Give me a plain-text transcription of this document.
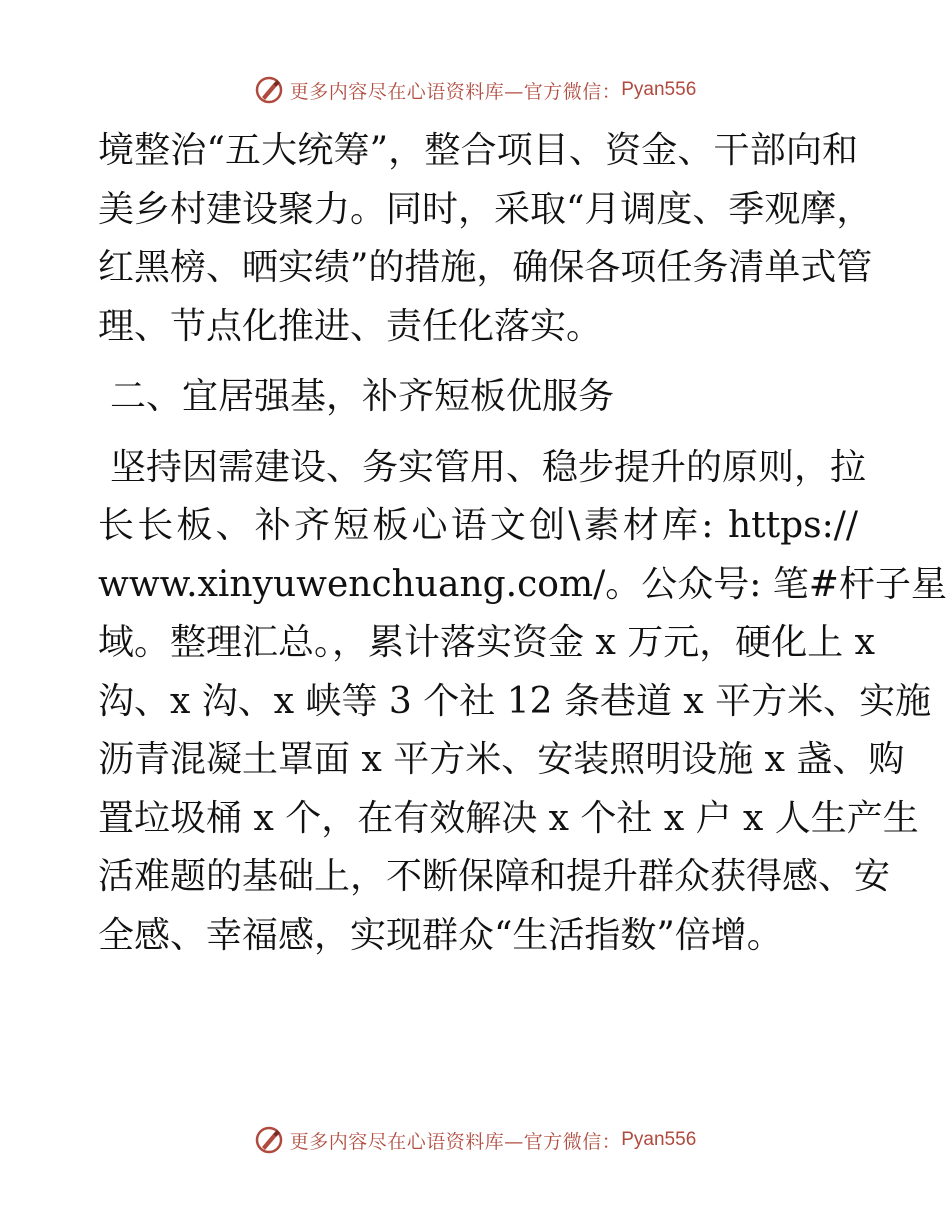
更多内容尽在心语资料库—官方微信： Pyan556
境整治“五大统筹”，整合项目、资金、干部向和
美乡村建设聚力。同时，采取“月调度、季观摩，
红黑榜、晒实绩”的措施，确保各项任务清单式管
理、节点化推进、责任化落实。
二、宜居强基，补齐短板优服务
坚持因需建设、务实管用、稳步提升的原则，拉
长长板、补齐短板心语文创\素材库: https://
www.xinyuwenchuang.com/。公众号: 笔#杆子星
域。整理汇总。，累计落实资金 x 万元，硬化上 x
沟、x 沟、x 峡等 3 个社 12 条巷道 x 平方米、实施
沥青混凝土罩面 x 平方米、安装照明设施 x 盏、购
置垃圾桶 x 个，在有效解决 x 个社 x 户 x 人生产生
活难题的基础上，不断保障和提升群众获得感、安
全感、幸福感，实现群众“生活指数”倍增。
更多内容尽在心语资料库—官方微信： Pyan556
